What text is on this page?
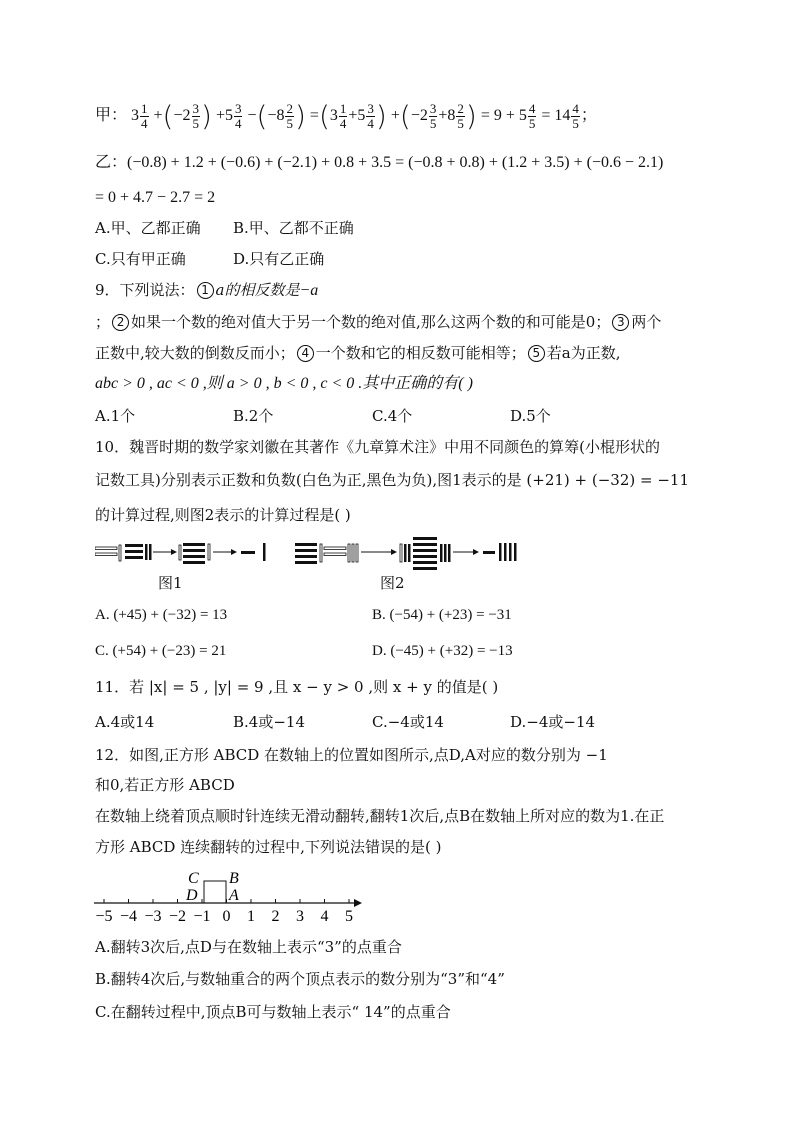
甲： $3 \frac{1}{4} +(-2 \frac{3}{5}$ ) $+5 \frac{3}{4} -(-8 \frac{2}{5}$ ) $=(3 \frac{1}{4} +5 \frac{3}{4}$ ) $+(-2 \frac{3}{5} +8 \frac{2}{5}$ ) = $9 + 5 \frac{4}{5} = 14 \frac{4}{5}$ ；
乙：(−0.8) + 1.2 + (−0.6) + (−2.1) + 0.8 + 3.5 = (−0.8 + 0.8) + (1.2 + 3.5) + (−0.6 − 2.1)
= 0 + 4.7 − 2.7 = 2
A.甲、乙都正确 B.甲、乙都不正确
C.只有甲正确	D.只有乙正确
9．下列说法： 1 a的相反数是−a
； 2 如果一个数的绝对值大于另一个数的绝对值,那么这两个数的和可能是0； 3 两个
正数中,较大数的倒数反而小； 4 一个数和它的相反数可能相等； 5 若a为正数,
abc > 0 , ac < 0 ,则 a > 0 , b < 0 , c < 0 .其中正确的有( )
A.1个	B.2个	C.4个	D.5个
10．魏晋时期的数学家刘徽在其著作《九章算术注》中用不同颜色的算筹(小棍形状的
记数工具)分别表示正数和负数(白色为正,黑色为负),图1表示的是 (+21) + (−32) = −11
的计算过程,则图2表示的计算过程是( )
图1	图2
A. (+45) + (−32) = 13	B. (−54) + (+23) = −31
C. (+54) + (−23) = 21	D. (−45) + (+32) = −13
11．若 |x| = 5 , |y| = 9 ,且 x − y > 0 ,则 x + y 的值是( )
A.4或14	B.4或−14	C.−4或14	D.−4或−14
12．如图,正方形 ABCD 在数轴上的位置如图所示,点D,A对应的数分别为 −1
和0,若正方形 ABCD
在数轴上绕着顶点顺时针连续无滑动翻转,翻转1次后,点B在数轴上所对应的数为1.在正
方形 ABCD 连续翻转的过程中,下列说法错误的是( )
C B
D A
−5 −4 −3 −2 −1 0 1 2 3 4 5
A.翻转3次后,点D与在数轴上表示“3”的点重合
B.翻转4次后,与数轴重合的两个顶点表示的数分别为“3”和“4”
C.在翻转过程中,顶点B可与数轴上表示“ 14”的点重合
